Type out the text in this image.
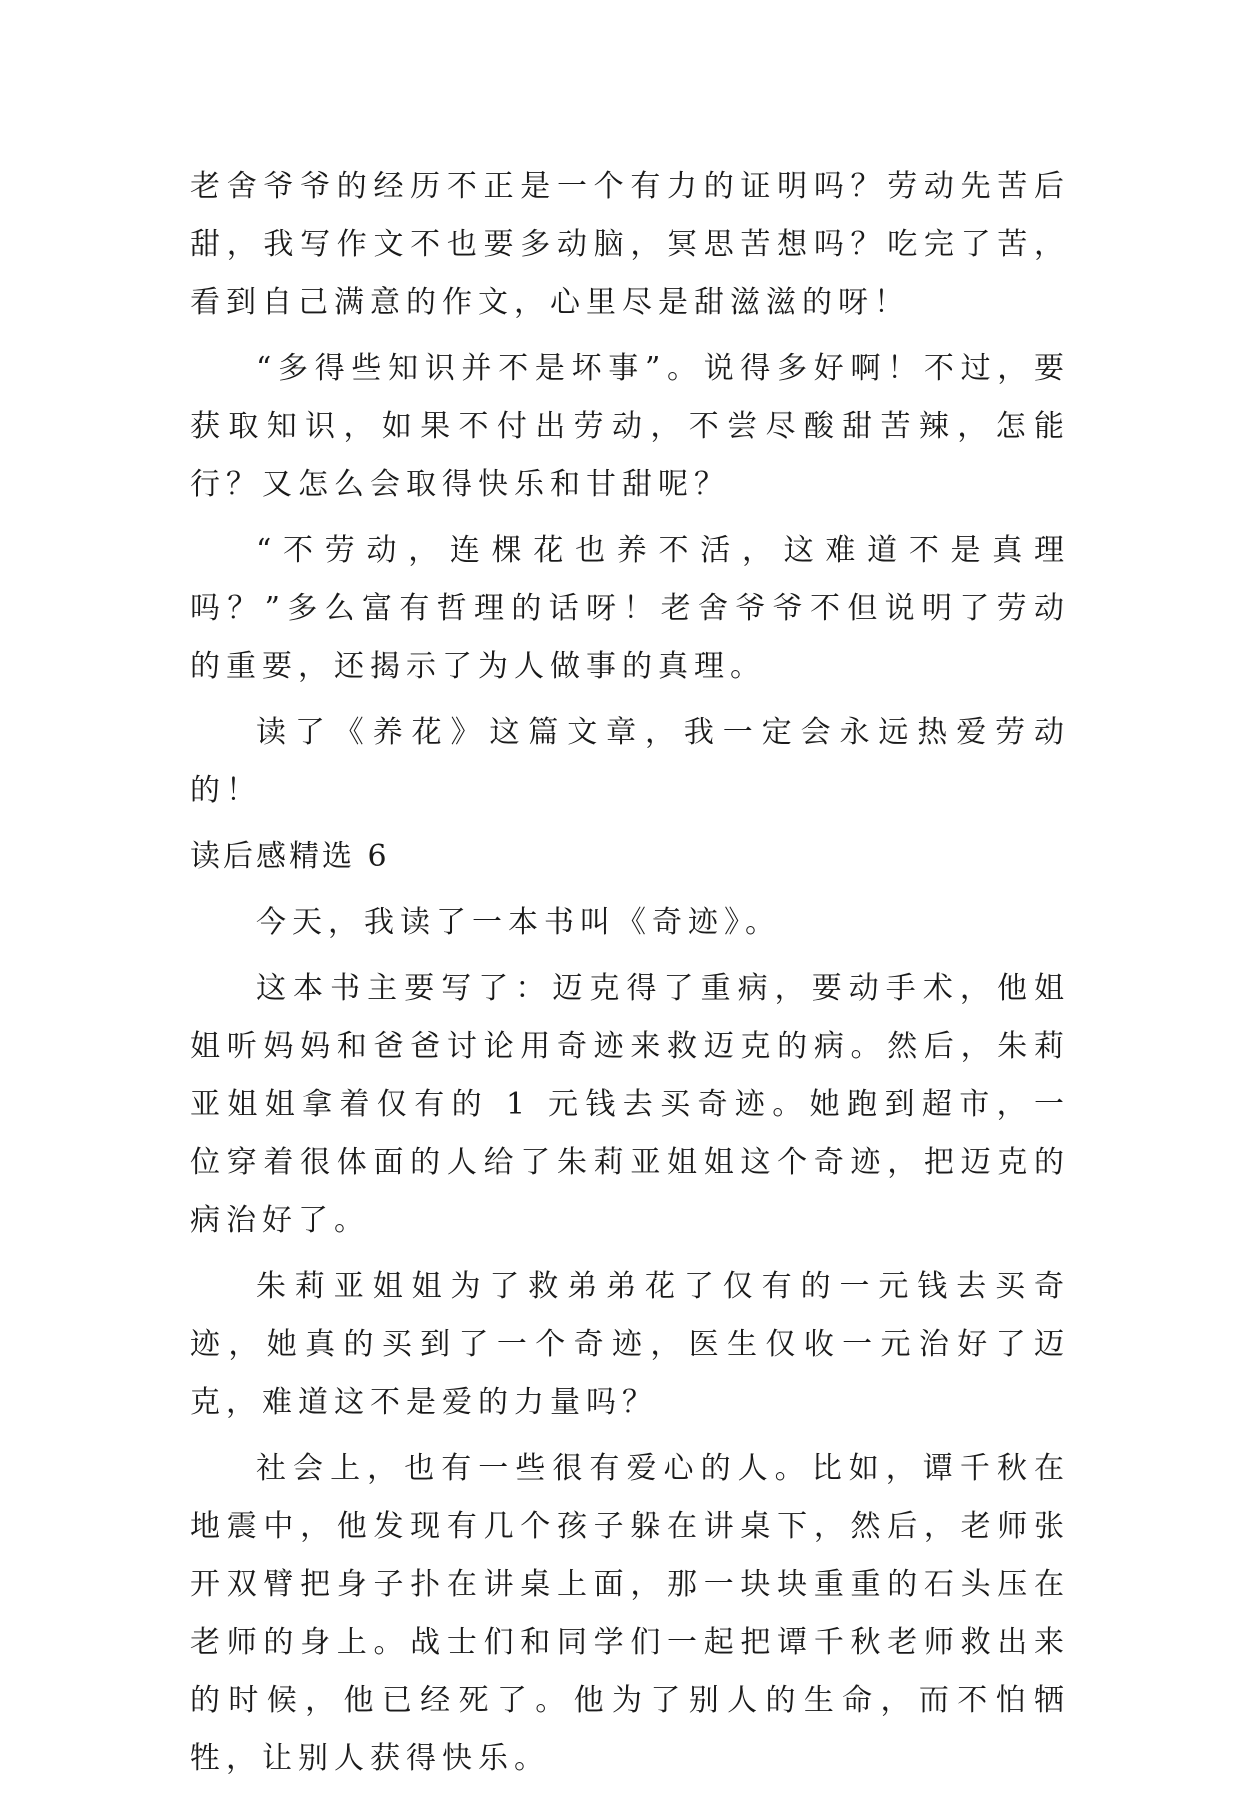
老舍爷爷的经历不正是一个有力的证明吗？劳动先苦后甜，我写作文不也要多动脑，冥思苦想吗？吃完了苦，看到自己满意的作文，心里尽是甜滋滋的呀！

“多得些知识并不是坏事”。说得多好啊！不过，要获取知识，如果不付出劳动，不尝尽酸甜苦辣，怎能行？又怎么会取得快乐和甘甜呢？

“不劳动，连棵花也养不活，这难道不是真理吗？”多么富有哲理的话呀！老舍爷爷不但说明了劳动的重要，还揭示了为人做事的真理。

读了《养花》这篇文章，我一定会永远热爱劳动的！

读后感精选 6

今天，我读了一本书叫《奇迹》。

这本书主要写了：迈克得了重病，要动手术，他姐姐听妈妈和爸爸讨论用奇迹来救迈克的病。然后，朱莉亚姐姐拿着仅有的 1 元钱去买奇迹。她跑到超市，一位穿着很体面的人给了朱莉亚姐姐这个奇迹，把迈克的病治好了。

朱莉亚姐姐为了救弟弟花了仅有的一元钱去买奇迹，她真的买到了一个奇迹，医生仅收一元治好了迈克，难道这不是爱的力量吗？

社会上，也有一些很有爱心的人。比如，谭千秋在地震中，他发现有几个孩子躲在讲桌下，然后，老师张开双臂把身子扑在讲桌上面，那一块块重重的石头压在老师的身上。战士们和同学们一起把谭千秋老师救出来的时候，他已经死了。他为了别人的生命，而不怕牺牲，让别人获得快乐。
